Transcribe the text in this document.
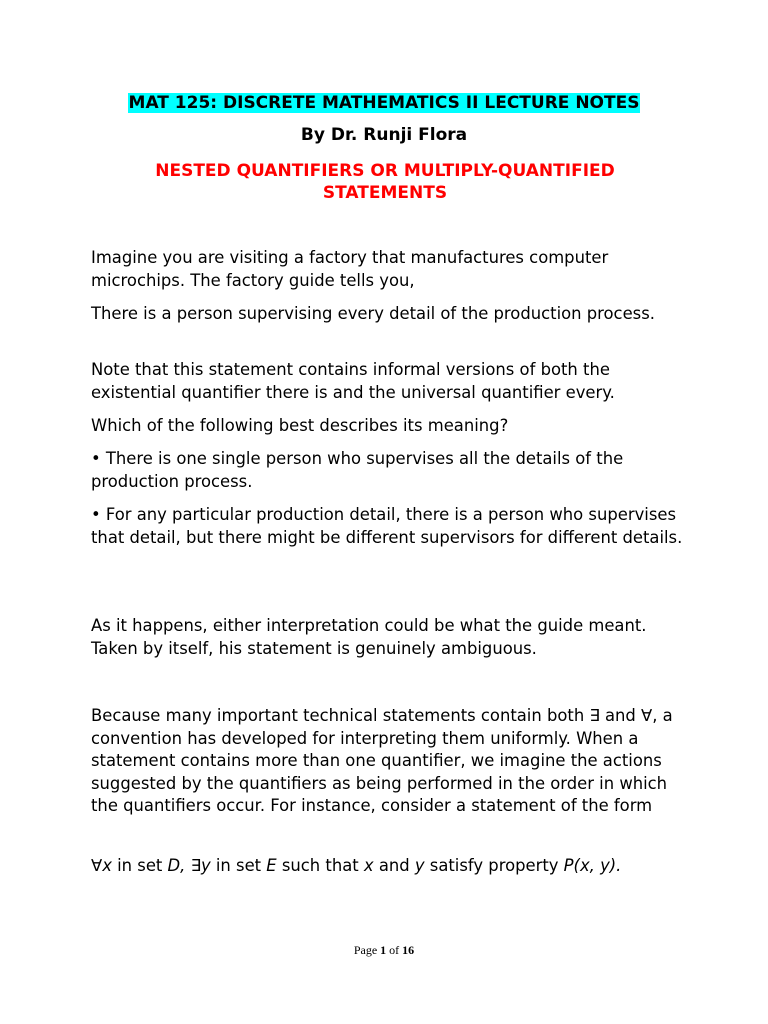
MAT 125: DISCRETE MATHEMATICS II LECTURE NOTES
By Dr. Runji Flora
NESTED QUANTIFIERS OR MULTIPLY-QUANTIFIED STATEMENTS

Imagine you are visiting a factory that manufactures computer microchips. The factory guide tells you,

There is a person supervising every detail of the production process.

Note that this statement contains informal versions of both the existential quantifier there is and the universal quantifier every.

Which of the following best describes its meaning?

• There is one single person who supervises all the details of the production process.

• For any particular production detail, there is a person who supervises that detail, but there might be different supervisors for different details.

As it happens, either interpretation could be what the guide meant. Taken by itself, his statement is genuinely ambiguous.

Because many important technical statements contain both ∃ and ∀, a convention has developed for interpreting them uniformly. When a statement contains more than one quantifier, we imagine the actions suggested by the quantifiers as being performed in the order in which the quantifiers occur. For instance, consider a statement of the form

∀x in set D, ∃y in set E such that x and y satisfy property P(x, y).

Page 1 of 16
